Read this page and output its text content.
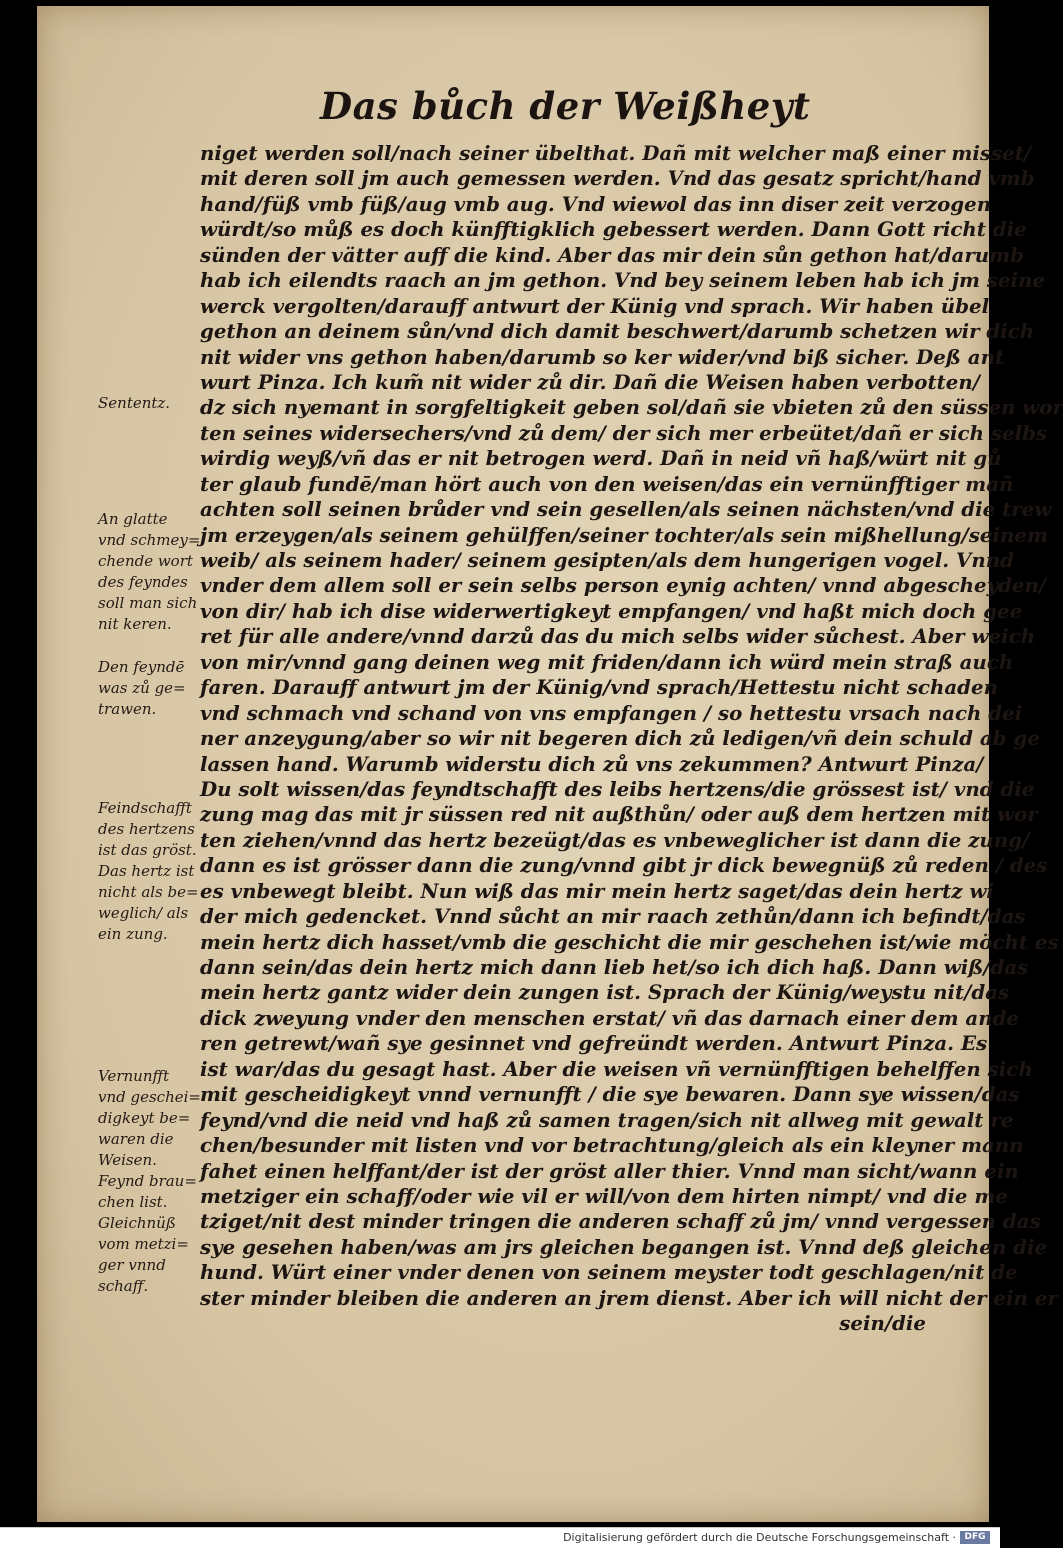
Das bůch der Weißheyt
niget werden soll/nach seiner übelthat. Dañ mit welcher maß einer misset/
mit deren soll jm auch gemessen werden. Vnd das gesatz spricht/hand vmb
hand/füß vmb füß/aug vmb aug. Vnd wiewol das inn diser zeit verzogen
würdt/so můß es doch künfftigklich gebessert werden. Dann Gott richt die
sünden der vätter auff die kind. Aber das mir dein sůn gethon hat/darumb
hab ich eilendts raach an jm gethon. Vnd bey seinem leben hab ich jm seine
werck vergolten/darauff antwurt der Künig vnd sprach. Wir haben übel
gethon an deinem sůn/vnd dich damit beschwert/darumb schetzen wir dich
nit wider vns gethon haben/darumb so ker wider/vnd biß sicher. Deß ant
wurt Pinza. Ich kum̃ nit wider zů dir. Dañ die Weisen haben verbotten/
dz sich nyemant in sorgfeltigkeit geben sol/dañ sie vbieten zů den süssen wor
ten seines widersechers/vnd zů dem/ der sich mer erbeütet/dañ er sich selbs
wirdig weyß/vñ das er nit betrogen werd. Dañ in neid vñ haß/würt nit gů
ter glaub fundē/man hört auch von den weisen/das ein vernünfftiger mañ
achten soll seinen brůder vnd sein gesellen/als seinen nächsten/vnd die trew
jm erzeygen/als seinem gehülffen/seiner tochter/als sein mißhellung/seinem
weib/ als seinem hader/ seinem gesipten/als dem hungerigen vogel. Vnnd
vnder dem allem soll er sein selbs person eynig achten/ vnnd abgescheyden/
von dir/ hab ich dise widerwertigkeyt empfangen/ vnd haßt mich doch gee
ret für alle andere/vnnd darzů das du mich selbs wider sůchest. Aber weich
von mir/vnnd gang deinen weg mit friden/dann ich würd mein straß auch
faren. Darauff antwurt jm der Künig/vnd sprach/Hettestu nicht schaden
vnd schmach vnd schand von vns empfangen / so hettestu vrsach nach dei
ner anzeygung/aber so wir nit begeren dich zů ledigen/vñ dein schuld ab ge
lassen hand. Warumb widerstu dich zů vns zekummen? Antwurt Pinza/
Du solt wissen/das feyndtschafft des leibs hertzens/die grössest ist/ vnd die
zung mag das mit jr süssen red nit außthůn/ oder auß dem hertzen mit wor
ten ziehen/vnnd das hertz bezeügt/das es vnbeweglicher ist dann die zung/
dann es ist grösser dann die zung/vnnd gibt jr dick bewegnüß zů reden / des
es vnbewegt bleibt. Nun wiß das mir mein hertz saget/das dein hertz wi
der mich gedencket. Vnnd sůcht an mir raach zethůn/dann ich befindt/das
mein hertz dich hasset/vmb die geschicht die mir geschehen ist/wie möcht es
dann sein/das dein hertz mich dann lieb het/so ich dich haß. Dann wiß/das
mein hertz gantz wider dein zungen ist. Sprach der Künig/weystu nit/das
dick zweyung vnder den menschen erstat/ vñ das darnach einer dem ande
ren getrewt/wañ sye gesinnet vnd gefreündt werden. Antwurt Pinza. Es
ist war/das du gesagt hast. Aber die weisen vñ vernünfftigen behelffen sich
mit gescheidigkeyt vnnd vernunfft / die sye bewaren. Dann sye wissen/das
feynd/vnd die neid vnd haß zů samen tragen/sich nit allweg mit gewalt re
chen/besunder mit listen vnd vor betrachtung/gleich als ein kleyner mann
fahet einen helffant/der ist der gröst aller thier. Vnnd man sicht/wann ein
metziger ein schaff/oder wie vil er will/von dem hirten nimpt/ vnd die me
tziget/nit dest minder tringen die anderen schaff zů jm/ vnnd vergessen das
sye gesehen haben/was am jrs gleichen begangen ist. Vnnd deß gleichen die
hund. Würt einer vnder denen von seinem meyster todt geschlagen/nit de
ster minder bleiben die anderen an jrem dienst. Aber ich will nicht der ein er
sein/die
Sententz.
An glatte
vnd schmey=
chende wort
des feyndes
soll man sich
nit keren.
Den feyndē
was zů ge=
trawen.
Feindschafft
des hertzens
ist das gröst.
Das hertz ist
nicht als be=
weglich/ als
ein zung.
Vernunfft
vnd geschei=
digkeyt be=
waren die
Weisen.
Feynd brau=
chen list.
Gleichnüß
vom metzi=
ger vnnd
schaff.
Digitalisierung gefördert durch die Deutsche Forschungsgemeinschaft · DFG
